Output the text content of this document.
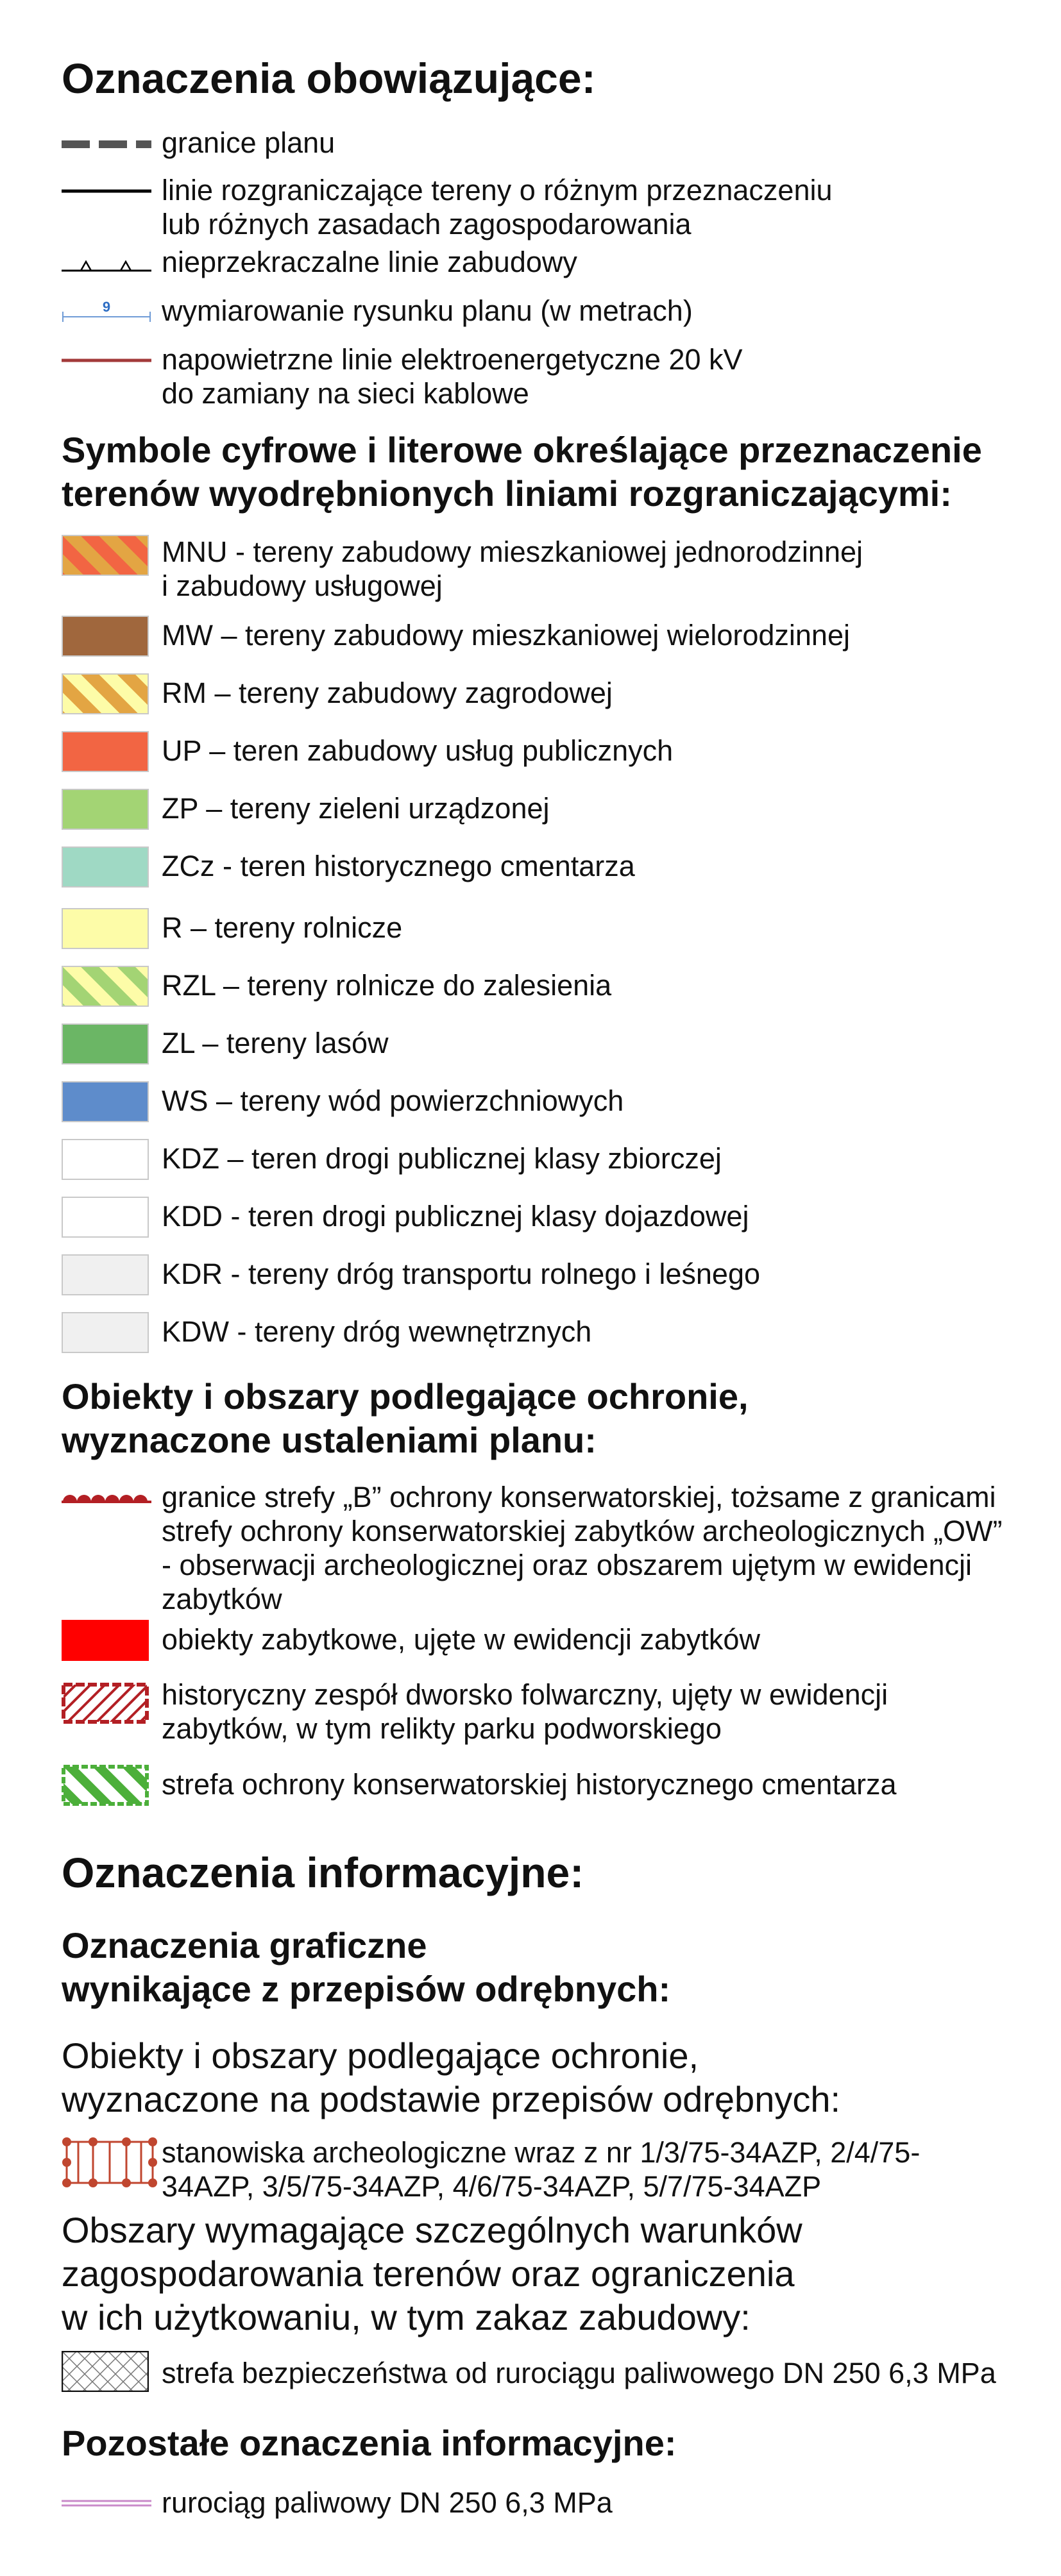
Oznaczenia obowiązujące:
granice planu
linie rozgraniczające tereny o różnym przeznaczeniu
lub różnych zasadach zagospodarowania
nieprzekraczalne linie zabudowy
9 wymiarowanie rysunku planu (w metrach)
napowietrzne linie elektroenergetyczne 20 kV
do zamiany na sieci kablowe
Symbole cyfrowe i literowe określające przeznaczenie
terenów wyodrębnionych liniami rozgraniczającymi:
MNU - tereny zabudowy mieszkaniowej jednorodzinnej
i zabudowy usługowej
MW – tereny zabudowy mieszkaniowej wielorodzinnej
RM – tereny zabudowy zagrodowej
UP – teren zabudowy usług publicznych
ZP – tereny zieleni urządzonej
ZCz - teren historycznego cmentarza
R – tereny rolnicze
RZL – tereny rolnicze do zalesienia
ZL – tereny lasów
WS – tereny wód powierzchniowych
KDZ – teren drogi publicznej klasy zbiorczej
KDD - teren drogi publicznej klasy dojazdowej
KDR - tereny dróg transportu rolnego i leśnego
KDW - tereny dróg wewnętrznych
Obiekty i obszary podlegające ochronie,
wyznaczone ustaleniami planu:
granice strefy „B” ochrony konserwatorskiej, tożsame z granicami
strefy ochrony konserwatorskiej zabytków archeologicznych „OW”
- obserwacji archeologicznej oraz obszarem ujętym w ewidencji
zabytków
obiekty zabytkowe, ujęte w ewidencji zabytków
historyczny zespół dworsko folwarczny, ujęty w ewidencji
zabytków, w tym relikty parku podworskiego
strefa ochrony konserwatorskiej historycznego cmentarza
Oznaczenia informacyjne:
Oznaczenia graficzne
wynikające z przepisów odrębnych:
Obiekty i obszary podlegające ochronie,
wyznaczone na podstawie przepisów odrębnych:
stanowiska archeologiczne wraz z nr 1/3/75-34AZP, 2/4/75-
34AZP, 3/5/75-34AZP, 4/6/75-34AZP, 5/7/75-34AZP
Obszary wymagające szczególnych warunków
zagospodarowania terenów oraz ograniczenia
w ich użytkowaniu, w tym zakaz zabudowy:
strefa bezpieczeństwa od rurociągu paliwowego DN 250 6,3 MPa
Pozostałe oznaczenia informacyjne:
rurociąg paliwowy DN 250 6,3 MPa
